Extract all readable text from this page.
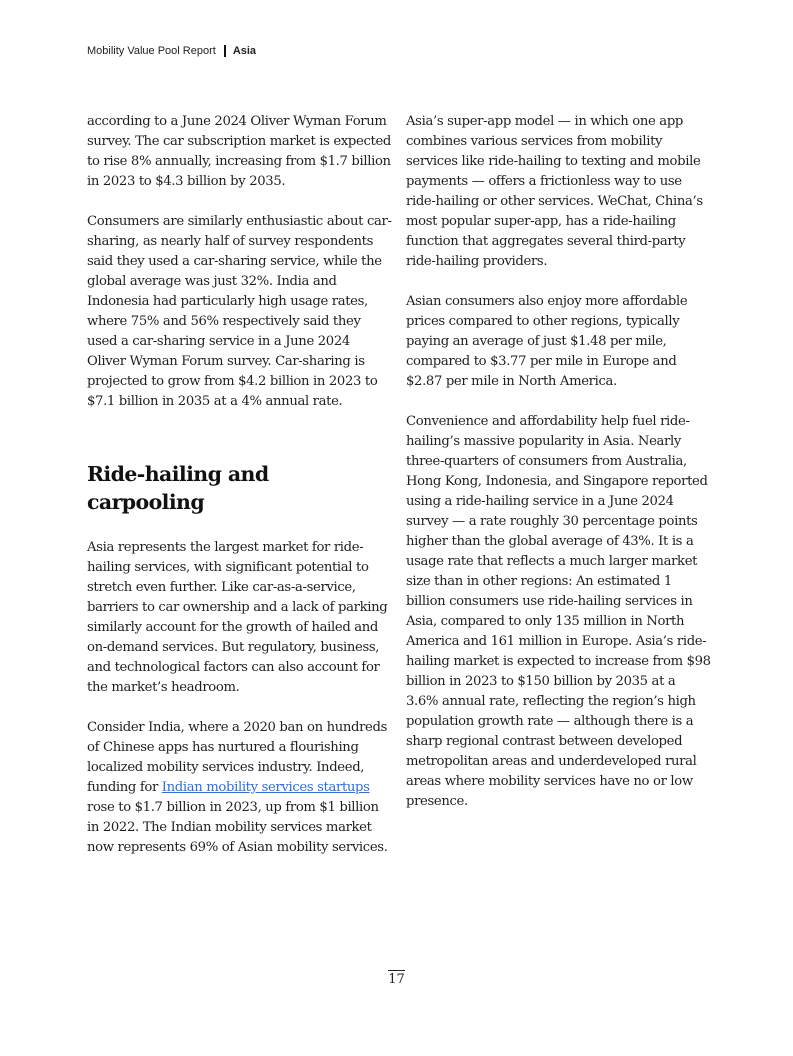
Mobility Value Pool Report Asia

according to a June 2024 Oliver Wyman Forum survey. The car subscription market is expected to rise 8% annually, increasing from $1.7 billion in 2023 to $4.3 billion by 2035.

Consumers are similarly enthusiastic about car-sharing, as nearly half of survey respondents said they used a car-sharing service, while the global average was just 32%. India and Indonesia had particularly high usage rates, where 75% and 56% respectively said they used a car-sharing service in a June 2024 Oliver Wyman Forum survey. Car-sharing is projected to grow from $4.2 billion in 2023 to $7.1 billion in 2035 at a 4% annual rate.

Ride-hailing and carpooling

Asia represents the largest market for ride-hailing services, with significant potential to stretch even further. Like car-as-a-service, barriers to car ownership and a lack of parking similarly account for the growth of hailed and on-demand services. But regulatory, business, and technological factors can also account for the market’s headroom.

Consider India, where a 2020 ban on hundreds of Chinese apps has nurtured a flourishing localized mobility services industry. Indeed, funding for Indian mobility services startups rose to $1.7 billion in 2023, up from $1 billion in 2022. The Indian mobility services market now represents 69% of Asian mobility services.

Asia’s super-app model — in which one app combines various services from mobility services like ride-hailing to texting and mobile payments — offers a frictionless way to use ride-hailing or other services. WeChat, China’s most popular super-app, has a ride-hailing function that aggregates several third-party ride-hailing providers.

Asian consumers also enjoy more affordable prices compared to other regions, typically paying an average of just $1.48 per mile, compared to $3.77 per mile in Europe and $2.87 per mile in North America.

Convenience and affordability help fuel ride-hailing’s massive popularity in Asia. Nearly three-quarters of consumers from Australia, Hong Kong, Indonesia, and Singapore reported using a ride-hailing service in a June 2024 survey — a rate roughly 30 percentage points higher than the global average of 43%. It is a usage rate that reflects a much larger market size than in other regions: An estimated 1 billion consumers use ride-hailing services in Asia, compared to only 135 million in North America and 161 million in Europe. Asia’s ride-hailing market is expected to increase from $98 billion in 2023 to $150 billion by 2035 at a 3.6% annual rate, reflecting the region’s high population growth rate — although there is a sharp regional contrast between developed metropolitan areas and underdeveloped rural areas where mobility services have no or low presence.

17
